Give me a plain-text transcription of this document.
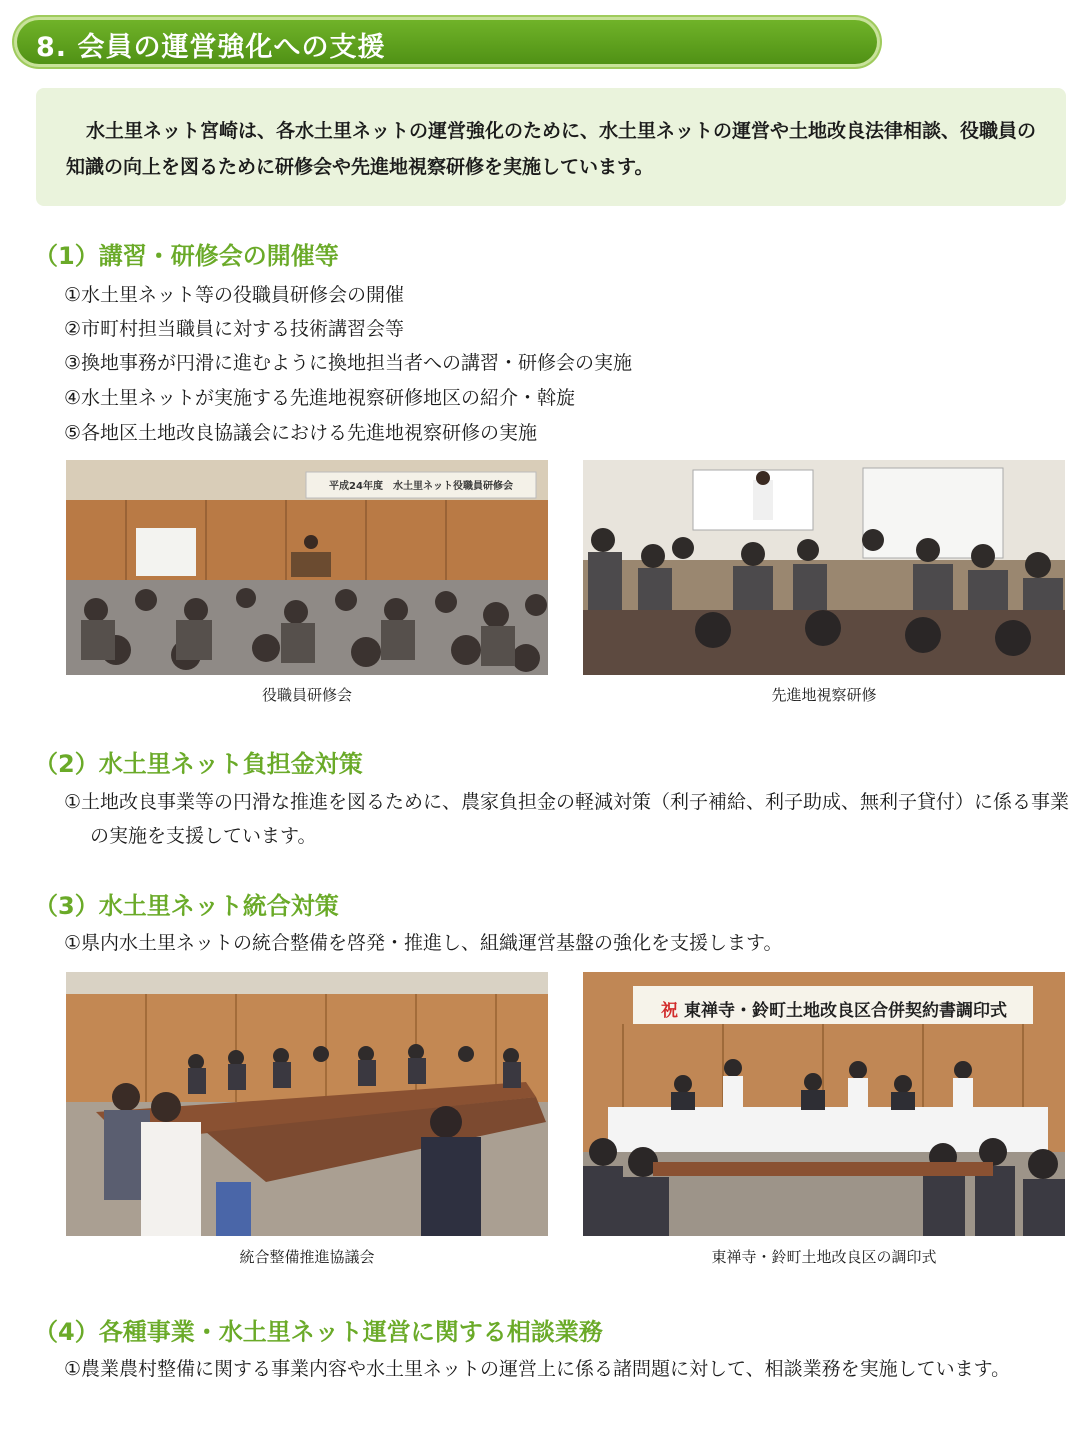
8. 会員の運営強化への支援

水土里ネット宮崎は、各水土里ネットの運営強化のために、水土里ネットの運営や土地改良法律相談、役職員の知識の向上を図るために研修会や先進地視察研修を実施しています。

（1）講習・研修会の開催等
①水土里ネット等の役職員研修会の開催
②市町村担当職員に対する技術講習会等
③換地事務が円滑に進むように換地担当者への講習・研修会の実施
④水土里ネットが実施する先進地視察研修地区の紹介・斡旋
⑤各地区土地改良協議会における先進地視察研修の実施
平成24年度　水土里ネット役職員研修会
役職員研修会	先進地視察研修
（2）水土里ネット負担金対策
①土地改良事業等の円滑な推進を図るために、農家負担金の軽減対策（利子補給、利子助成、無利子貸付）に係る事業の実施を支援しています。
（3）水土里ネット統合対策
①県内水土里ネットの統合整備を啓発・推進し、組織運営基盤の強化を支援します。
統合整備推進協議会
祝 東禅寺・鈴町土地改良区合併契約書調印式
東禅寺・鈴町土地改良区の調印式
（4）各種事業・水土里ネット運営に関する相談業務
①農業農村整備に関する事業内容や水土里ネットの運営上に係る諸問題に対して、相談業務を実施しています。
